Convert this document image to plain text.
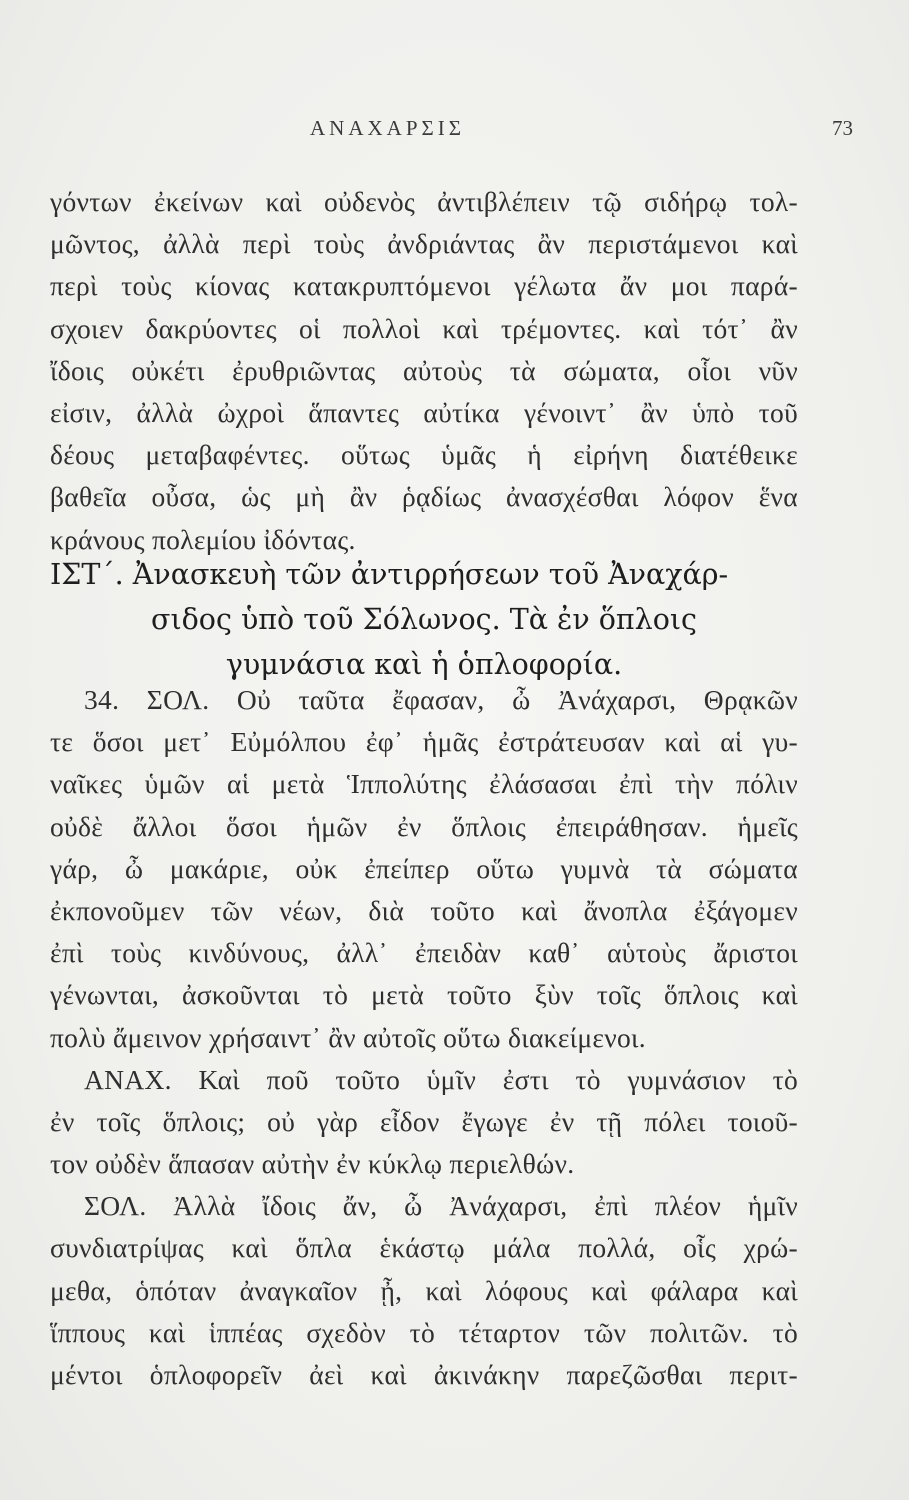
ΑΝΑΧΑΡΣΙΣ	73
γόντων ἐκείνων καὶ οὐδενὸς ἀντιβλέπειν τῷ σιδήρῳ τολ-
μῶντος, ἀλλὰ περὶ τοὺς ἀνδριάντας ἂν περιστάμενοι καὶ
περὶ τοὺς κίονας κατακρυπτόμενοι γέλωτα ἄν μοι παρά-
σχοιεν δακρύοντες οἱ πολλοὶ καὶ τρέμοντες. καὶ τότ᾽ ἂν
ἴδοις οὐκέτι ἐρυθριῶντας αὐτοὺς τὰ σώματα, οἷοι νῦν
εἰσιν, ἀλλὰ ὠχροὶ ἅπαντες αὐτίκα γένοιντ᾽ ἂν ὑπὸ τοῦ
δέους μεταβαφέντες. οὕτως ὑμᾶς ἡ εἰρήνη διατέθεικε
βαθεῖα οὖσα, ὡς μὴ ἂν ῥᾳδίως ἀνασχέσθαι λόφον ἕνα
κράνους πολεμίου ἰδόντας.
ΙΣΤ΄. Ἀνασκευὴ τῶν ἀντιρρήσεων τοῦ Ἀναχάρ-
σιδος ὑπὸ τοῦ Σόλωνος. Τὰ ἐν ὅπλοις
γυμνάσια καὶ ἡ ὁπλοφορία.
34. ΣΟΛ. Οὐ ταῦτα ἔφασαν, ὦ Ἀνάχαρσι, Θρᾳκῶν
τε ὅσοι μετ᾽ Εὐμόλπου ἐφ᾽ ἡμᾶς ἐστράτευσαν καὶ αἱ γυ-
ναῖκες ὑμῶν αἱ μετὰ Ἱππολύτης ἐλάσασαι ἐπὶ τὴν πόλιν
οὐδὲ ἄλλοι ὅσοι ἡμῶν ἐν ὅπλοις ἐπειράθησαν. ἡμεῖς
γάρ, ὦ μακάριε, οὐκ ἐπείπερ οὕτω γυμνὰ τὰ σώματα
ἐκπονοῦμεν τῶν νέων, διὰ τοῦτο καὶ ἄνοπλα ἐξάγομεν
ἐπὶ τοὺς κινδύνους, ἀλλ᾽ ἐπειδὰν καθ᾽ αὑτοὺς ἄριστοι
γένωνται, ἀσκοῦνται τὸ μετὰ τοῦτο ξὺν τοῖς ὅπλοις καὶ
πολὺ ἄμεινον χρήσαιντ᾽ ἂν αὐτοῖς οὕτω διακείμενοι.
ΑΝΑΧ. Καὶ ποῦ τοῦτο ὑμῖν ἐστι τὸ γυμνάσιον τὸ
ἐν τοῖς ὅπλοις; οὐ γὰρ εἶδον ἔγωγε ἐν τῇ πόλει τοιοῦ-
τον οὐδὲν ἅπασαν αὐτὴν ἐν κύκλῳ περιελθών.
ΣΟΛ. Ἀλλὰ ἴδοις ἄν, ὦ Ἀνάχαρσι, ἐπὶ πλέον ἡμῖν
συνδιατρίψας καὶ ὅπλα ἑκάστῳ μάλα πολλά, οἷς χρώ-
μεθα, ὁπόταν ἀναγκαῖον ᾖ, καὶ λόφους καὶ φάλαρα καὶ
ἵππους καὶ ἱππέας σχεδὸν τὸ τέταρτον τῶν πολιτῶν. τὸ
μέντοι ὁπλοφορεῖν ἀεὶ καὶ ἀκινάκην παρεζῶσθαι περιτ-
